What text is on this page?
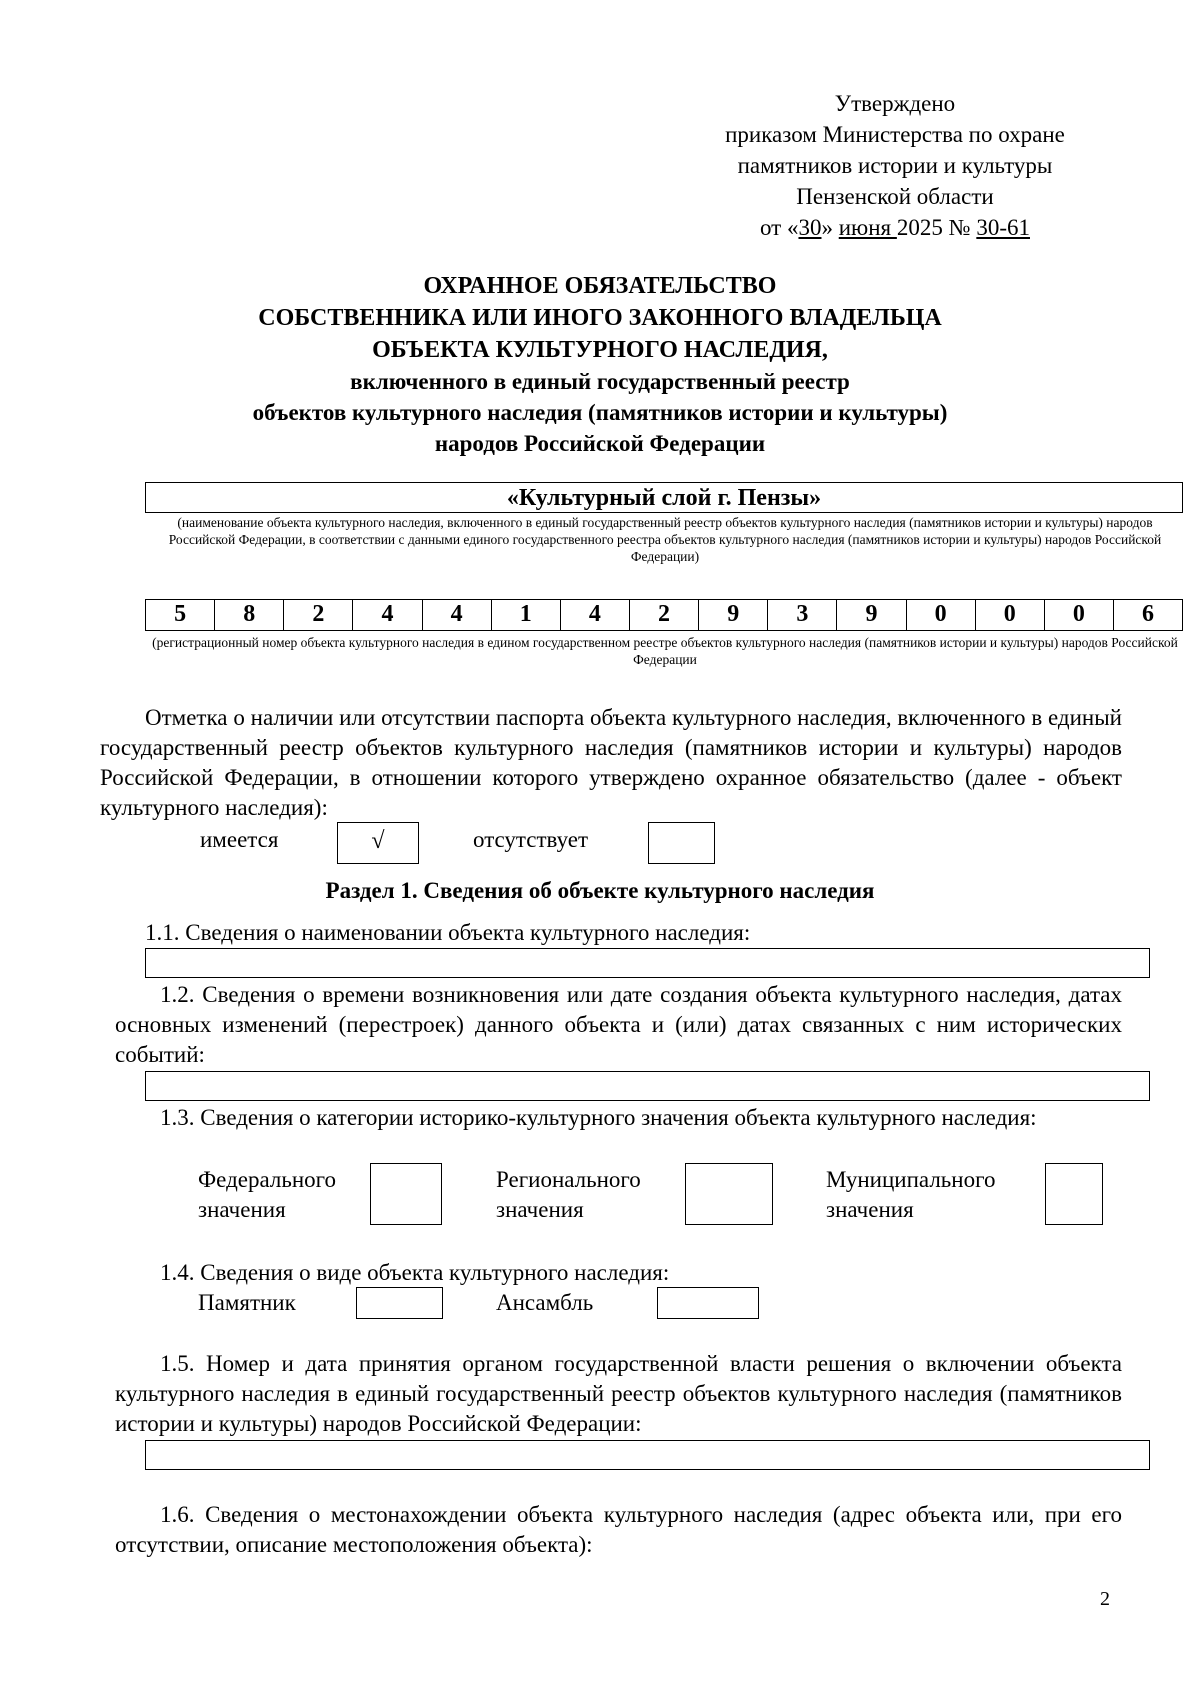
Утверждено
приказом Министерства по охране
памятников истории и культуры
Пензенской области
от «30» июня 2025 № 30-61
ОХРАННОЕ ОБЯЗАТЕЛЬСТВО
СОБСТВЕННИКА ИЛИ ИНОГО ЗАКОННОГО ВЛАДЕЛЬЦА
ОБЪЕКТА КУЛЬТУРНОГО НАСЛЕДИЯ,
включенного в единый государственный реестр
объектов культурного наследия (памятников истории и культуры)
народов Российской Федерации
«Культурный слой г. Пензы»
(наименование объекта культурного наследия, включенного в единый государственный реестр объектов культурного наследия (памятников истории и культуры) народов Российской Федерации, в соответствии с данными единого государственного реестра объектов культурного наследия (памятников истории и культуры) народов Российской Федерации)
5	8	2	4	4	1	4	2	9	3	9	0	0	0	6
(регистрационный номер объекта культурного наследия в едином государственном реестре объектов культурного наследия (памятников истории и культуры) народов Российской Федерации
Отметка о наличии или отсутствии паспорта объекта культурного наследия, включенного в единый государственный реестр объектов культурного наследия (памятников истории и культуры) народов Российской Федерации, в отношении которого утверждено охранное обязательство (далее - объект культурного наследия):
имеется	√	отсутствует
Раздел 1. Сведения об объекте культурного наследия
1.1. Сведения о наименовании объекта культурного наследия:
1.2. Сведения о времени возникновения или дате создания объекта культурного наследия, датах основных изменений (перестроек) данного объекта и (или) датах связанных с ним исторических событий:
1.3. Сведения о категории историко-культурного значения объекта культурного наследия:
Федерального
значения
Регионального
значения
Муниципального
значения
1.4. Сведения о виде объекта культурного наследия:
Памятник	Ансамбль
1.5. Номер и дата принятия органом государственной власти решения о включении объекта культурного наследия в единый государственный реестр объектов культурного наследия (памятников истории и культуры) народов Российской Федерации:
1.6. Сведения о местонахождении объекта культурного наследия (адрес объекта или, при его отсутствии, описание местоположения объекта):
2
